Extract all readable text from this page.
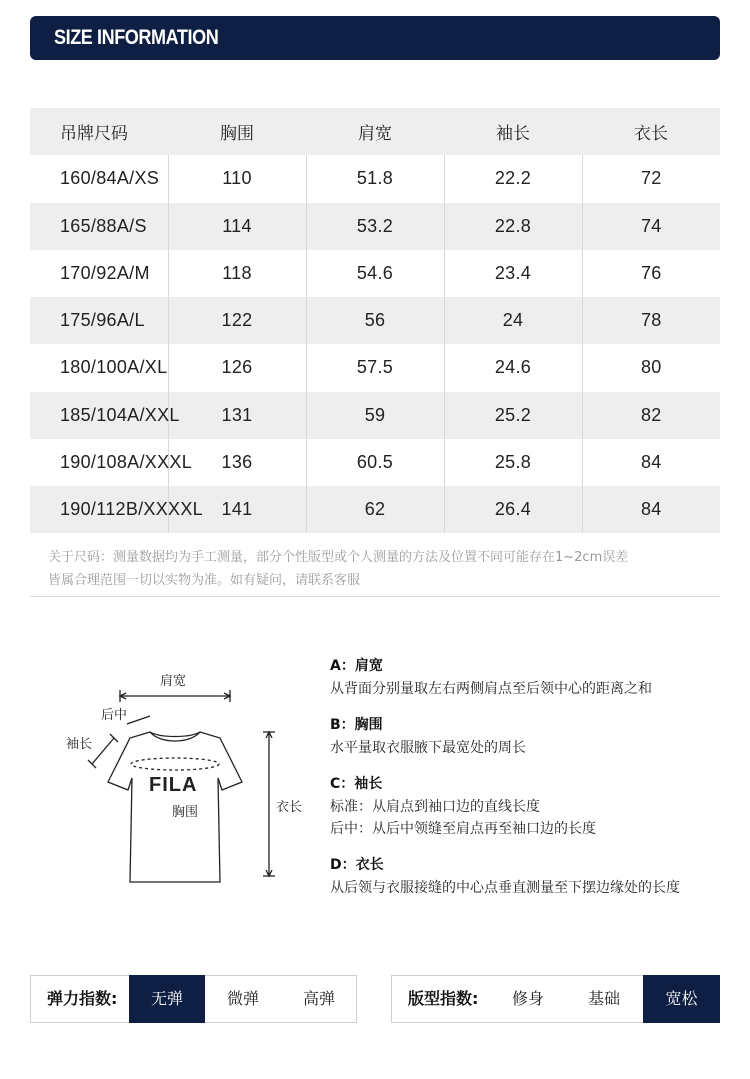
SIZE INFORMATION
吊牌尺码	胸围	肩宽	袖长	衣长
160/84A/XS	110	51.8	22.2	72
165/88A/S	114	53.2	22.8	74
170/92A/M	118	54.6	23.4	76
175/96A/L	122	56	24	78
180/100A/XL	126	57.5	24.6	80
185/104A/XXL	131	59	25.2	82
190/108A/XXXL	136	60.5	25.8	84
190/112B/XXXXL	141	62	26.4	84
关于尺码：测量数据均为手工测量，部分个性版型或个人测量的方法及位置不同可能存在1~2cm误差
皆属合理范围一切以实物为准。如有疑问，请联系客服
肩宽
后中
袖长
FILA
胸围	衣长
A：肩宽
从背面分别量取左右两侧肩点至后领中心的距离之和
B：胸围
水平量取衣服腋下最宽处的周长
C：袖长
标准：从肩点到袖口边的直线长度
后中：从后中领缝至肩点再至袖口边的长度
D：衣长
从后领与衣服接缝的中心点垂直测量至下摆边缘处的长度
弹力指数:	无弹	微弹	高弹	版型指数:	修身	基础	宽松
